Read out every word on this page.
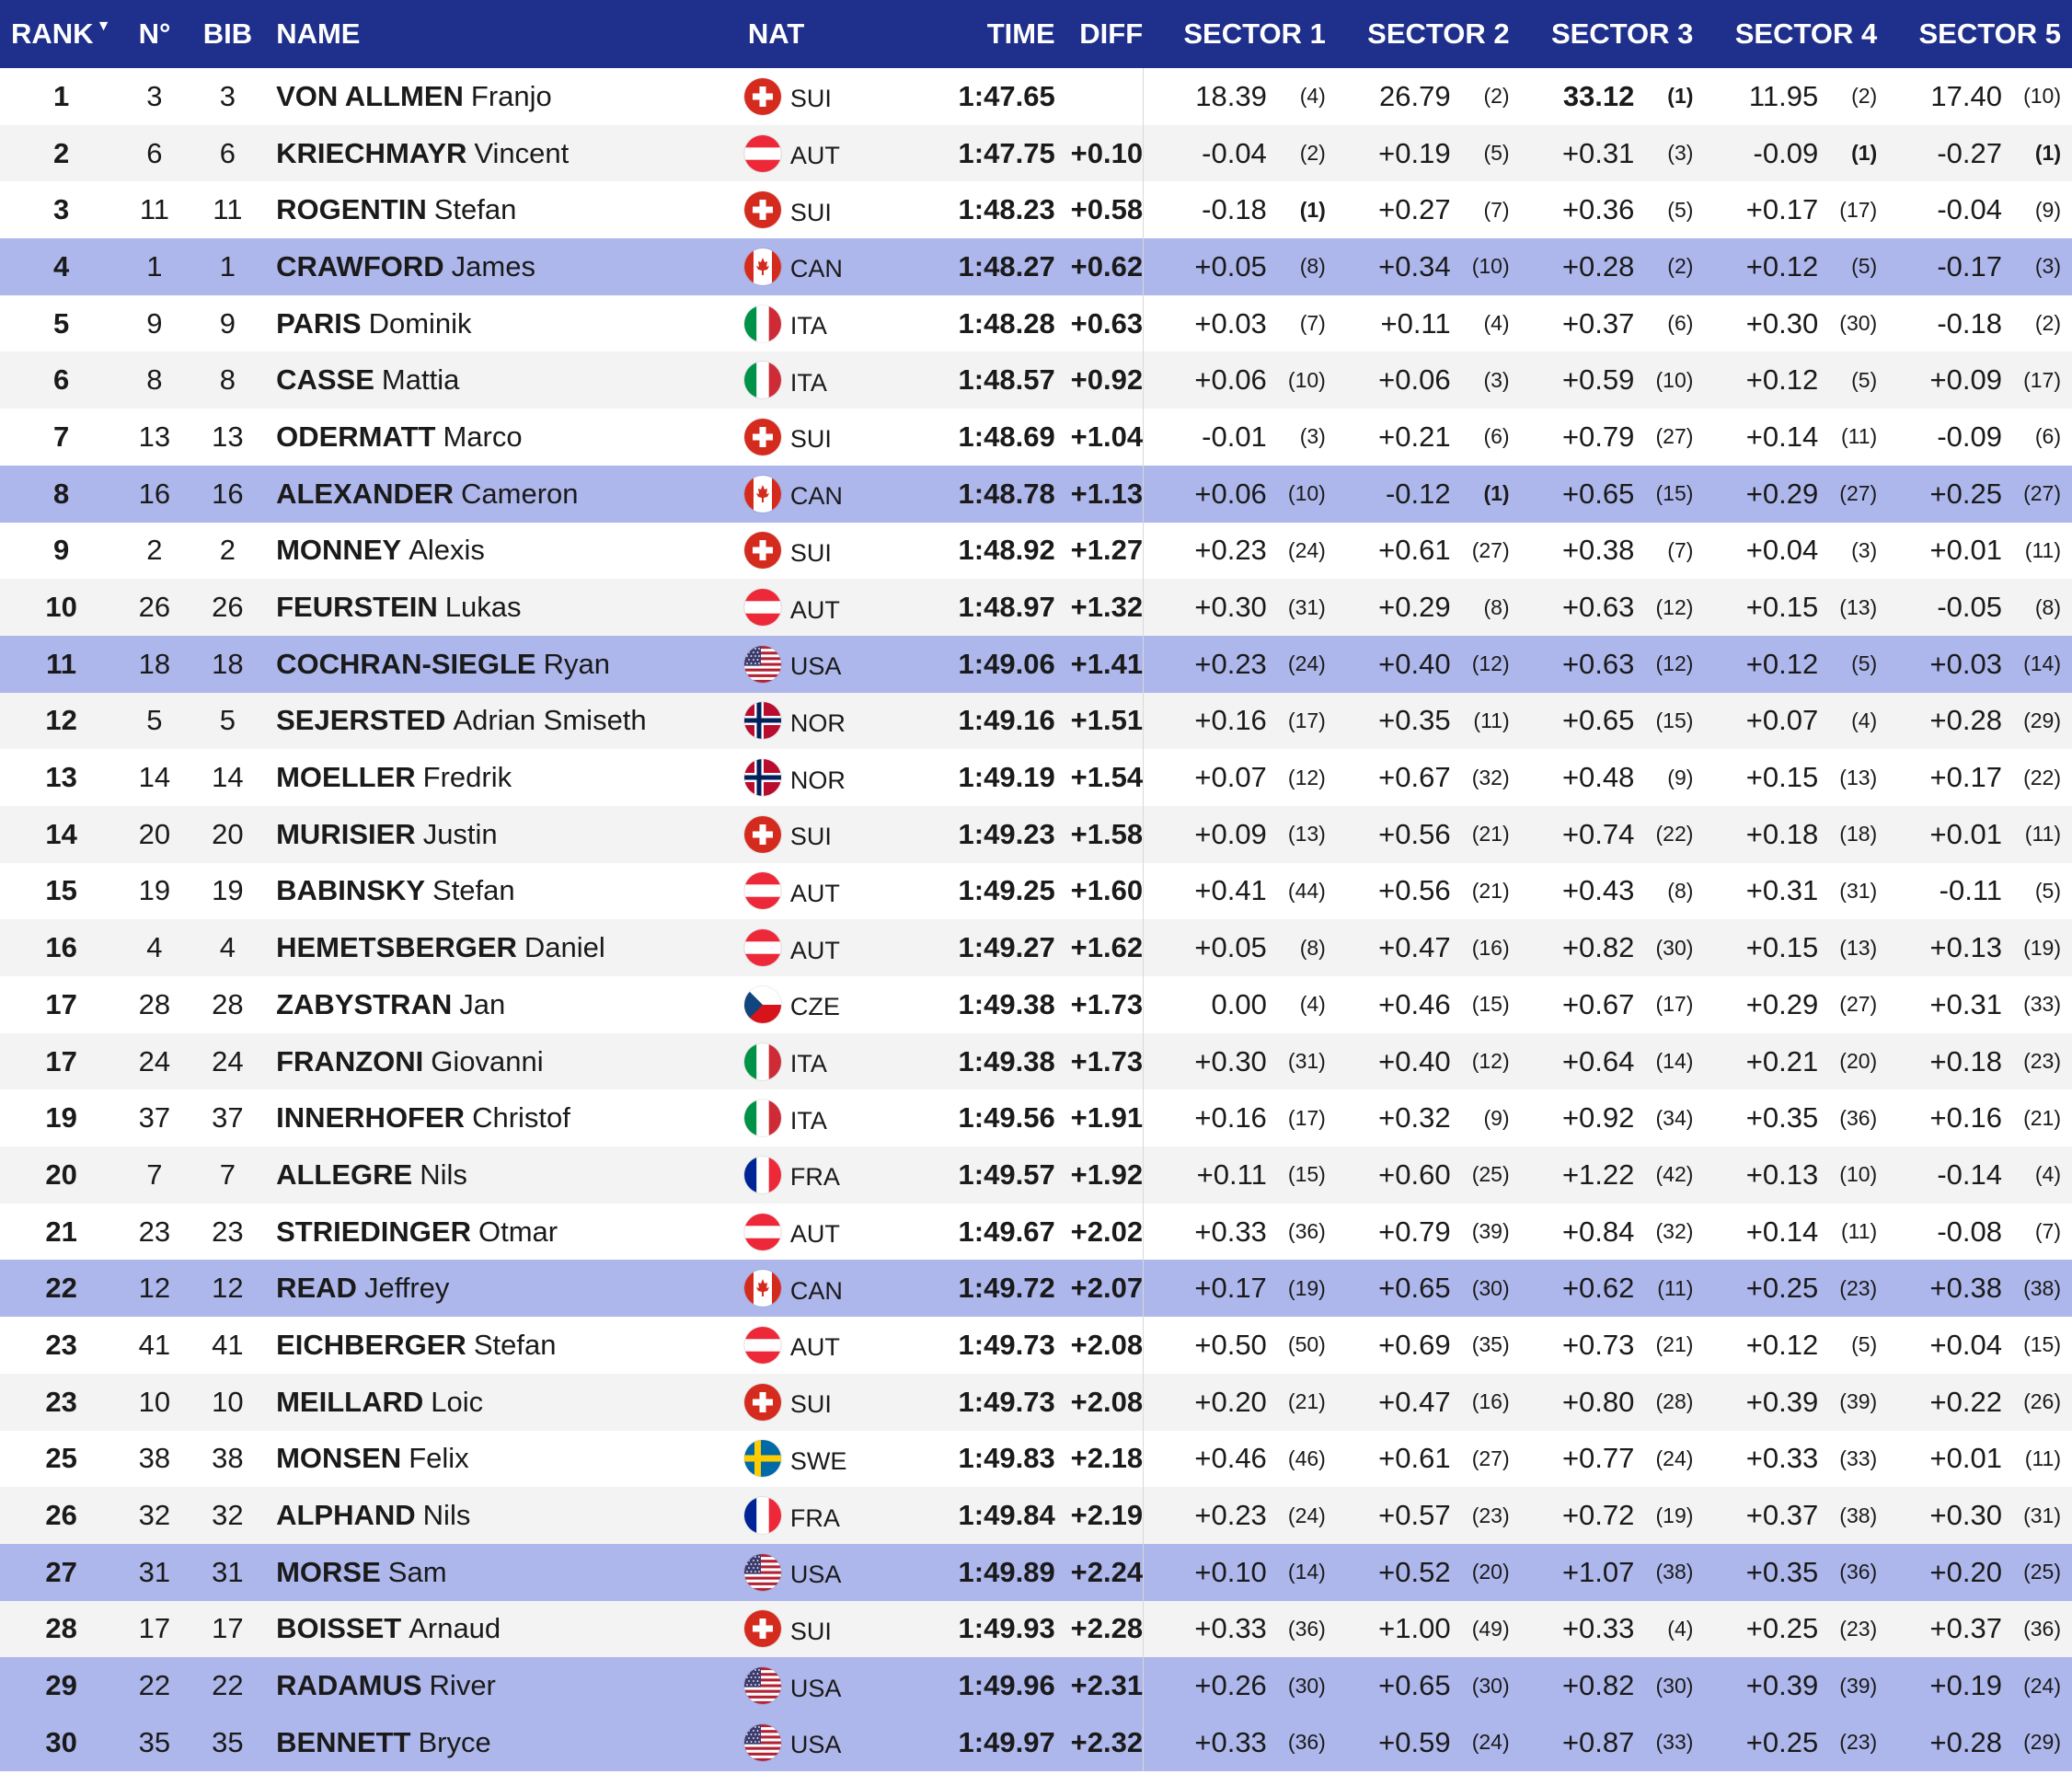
RANK ▼ N°	BIB NAME	NAT	TIME DIFF	SECTOR 1	SECTOR 2	SECTOR 3	SECTOR 4	SECTOR 5
1	3	3	VON ALLMEN Franjo	SUI	1:47.65	18.39	(4)	26.79	(2)	33.12	(1)	11.95	(2)	17.40	(10)
2	6	6	KRIECHMAYR Vincent	AUT	1:47.75 +0.10	-0.04	(2)	+0.19	(5)	+0.31	(3)	-0.09	(1)	-0.27	(1)
3	11	11	ROGENTIN Stefan	SUI	1:48.23 +0.58	-0.18	(1)	+0.27	(7)	+0.36	(5)	+0.17	(17)	-0.04	(9)
4	1	1	CRAWFORD James	CAN	1:48.27 +0.62	+0.05	(8)	+0.34	(10)	+0.28	(2)	+0.12	(5)	-0.17	(3)
5	9	9	PARIS Dominik	ITA	1:48.28 +0.63	+0.03	(7)	+0.11	(4)	+0.37	(6)	+0.30	(30)	-0.18	(2)
6	8	8	CASSE Mattia	ITA	1:48.57 +0.92	+0.06	(10)	+0.06	(3)	+0.59	(10)	+0.12	(5)	+0.09	(17)
7	13	13	ODERMATT Marco	SUI	1:48.69 +1.04	-0.01	(3)	+0.21	(6)	+0.79	(27)	+0.14	(11)	-0.09	(6)
8	16	16	ALEXANDER Cameron	CAN	1:48.78 +1.13	+0.06	(10)	-0.12	(1)	+0.65	(15)	+0.29	(27)	+0.25	(27)
9	2	2	MONNEY Alexis	SUI	1:48.92 +1.27	+0.23	(24)	+0.61	(27)	+0.38	(7)	+0.04	(3)	+0.01	(11)
10	26	26	FEURSTEIN Lukas	AUT	1:48.97 +1.32	+0.30	(31)	+0.29	(8)	+0.63	(12)	+0.15	(13)	-0.05	(8)
11	18	18	COCHRAN-SIEGLE Ryan	USA	1:49.06 +1.41	+0.23	(24)	+0.40	(12)	+0.63	(12)	+0.12	(5)	+0.03	(14)
12	5	5	SEJERSTED Adrian Smiseth	NOR	1:49.16 +1.51	+0.16	(17)	+0.35	(11)	+0.65	(15)	+0.07	(4)	+0.28	(29)
13	14	14	MOELLER Fredrik	NOR	1:49.19 +1.54	+0.07	(12)	+0.67	(32)	+0.48	(9)	+0.15	(13)	+0.17	(22)
14	20	20	MURISIER Justin	SUI	1:49.23 +1.58	+0.09	(13)	+0.56	(21)	+0.74	(22)	+0.18	(18)	+0.01	(11)
15	19	19	BABINSKY Stefan	AUT	1:49.25 +1.60	+0.41	(44)	+0.56	(21)	+0.43	(8)	+0.31	(31)	-0.11	(5)
16	4	4	HEMETSBERGER Daniel	AUT	1:49.27 +1.62	+0.05	(8)	+0.47	(16)	+0.82	(30)	+0.15	(13)	+0.13	(19)
17	28	28	ZABYSTRAN Jan	CZE	1:49.38 +1.73	0.00	(4)	+0.46	(15)	+0.67	(17)	+0.29	(27)	+0.31	(33)
17	24	24	FRANZONI Giovanni	ITA	1:49.38 +1.73	+0.30	(31)	+0.40	(12)	+0.64	(14)	+0.21	(20)	+0.18	(23)
19	37	37	INNERHOFER Christof	ITA	1:49.56 +1.91	+0.16	(17)	+0.32	(9)	+0.92	(34)	+0.35	(36)	+0.16	(21)
20	7	7	ALLEGRE Nils	FRA	1:49.57 +1.92	+0.11	(15)	+0.60	(25)	+1.22	(42)	+0.13	(10)	-0.14	(4)
21	23	23	STRIEDINGER Otmar	AUT	1:49.67 +2.02	+0.33	(36)	+0.79	(39)	+0.84	(32)	+0.14	(11)	-0.08	(7)
22	12	12	READ Jeffrey	CAN	1:49.72 +2.07	+0.17	(19)	+0.65	(30)	+0.62	(11)	+0.25	(23)	+0.38	(38)
23	41	41	EICHBERGER Stefan	AUT	1:49.73 +2.08	+0.50	(50)	+0.69	(35)	+0.73	(21)	+0.12	(5)	+0.04	(15)
23	10	10	MEILLARD Loic	SUI	1:49.73 +2.08	+0.20	(21)	+0.47	(16)	+0.80	(28)	+0.39	(39)	+0.22	(26)
25	38	38	MONSEN Felix	SWE	1:49.83 +2.18	+0.46	(46)	+0.61	(27)	+0.77	(24)	+0.33	(33)	+0.01	(11)
26	32	32	ALPHAND Nils	FRA	1:49.84 +2.19	+0.23	(24)	+0.57	(23)	+0.72	(19)	+0.37	(38)	+0.30	(31)
27	31	31	MORSE Sam	USA	1:49.89 +2.24	+0.10	(14)	+0.52	(20)	+1.07	(38)	+0.35	(36)	+0.20	(25)
28	17	17	BOISSET Arnaud	SUI	1:49.93 +2.28	+0.33	(36)	+1.00	(49)	+0.33	(4)	+0.25	(23)	+0.37	(36)
29	22	22	RADAMUS River	USA	1:49.96 +2.31	+0.26	(30)	+0.65	(30)	+0.82	(30)	+0.39	(39)	+0.19	(24)
30	35	35	BENNETT Bryce	USA	1:49.97 +2.32	+0.33	(36)	+0.59	(24)	+0.87	(33)	+0.25	(23)	+0.28	(29)
